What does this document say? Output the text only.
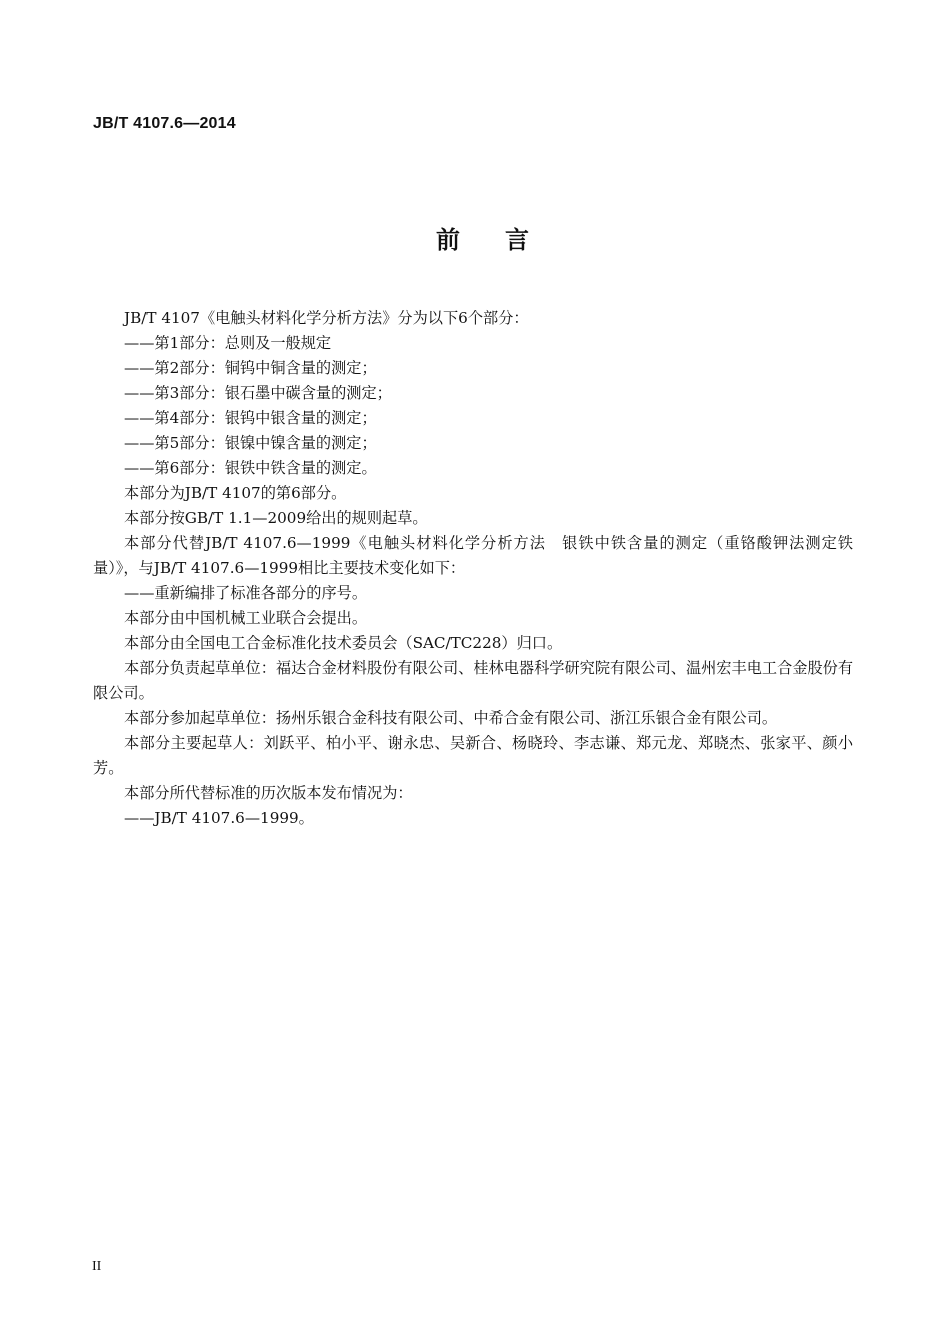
JB/T 4107.6—2014
前言

JB/T 4107《电触头材料化学分析方法》分为以下6个部分：

——第1部分：总则及一般规定

——第2部分：铜钨中铜含量的测定；

——第3部分：银石墨中碳含量的测定；

——第4部分：银钨中银含量的测定；

——第5部分：银镍中镍含量的测定；

——第6部分：银铁中铁含量的测定。

本部分为JB/T 4107的第6部分。

本部分按GB/T 1.1—2009给出的规则起草。

本部分代替JB/T 4107.6—1999《电触头材料化学分析方法　银铁中铁含量的测定（重铬酸钾法测定铁量）》，与JB/T 4107.6—1999相比主要技术变化如下：

——重新编排了标准各部分的序号。

本部分由中国机械工业联合会提出。

本部分由全国电工合金标准化技术委员会（SAC/TC228）归口。

本部分负责起草单位：福达合金材料股份有限公司、桂林电器科学研究院有限公司、温州宏丰电工合金股份有限公司。

本部分参加起草单位：扬州乐银合金科技有限公司、中希合金有限公司、浙江乐银合金有限公司。

本部分主要起草人：刘跃平、柏小平、谢永忠、吴新合、杨晓玲、李志谦、郑元龙、郑晓杰、张家平、颜小芳。

本部分所代替标准的历次版本发布情况为：

——JB/T 4107.6—1999。

II
